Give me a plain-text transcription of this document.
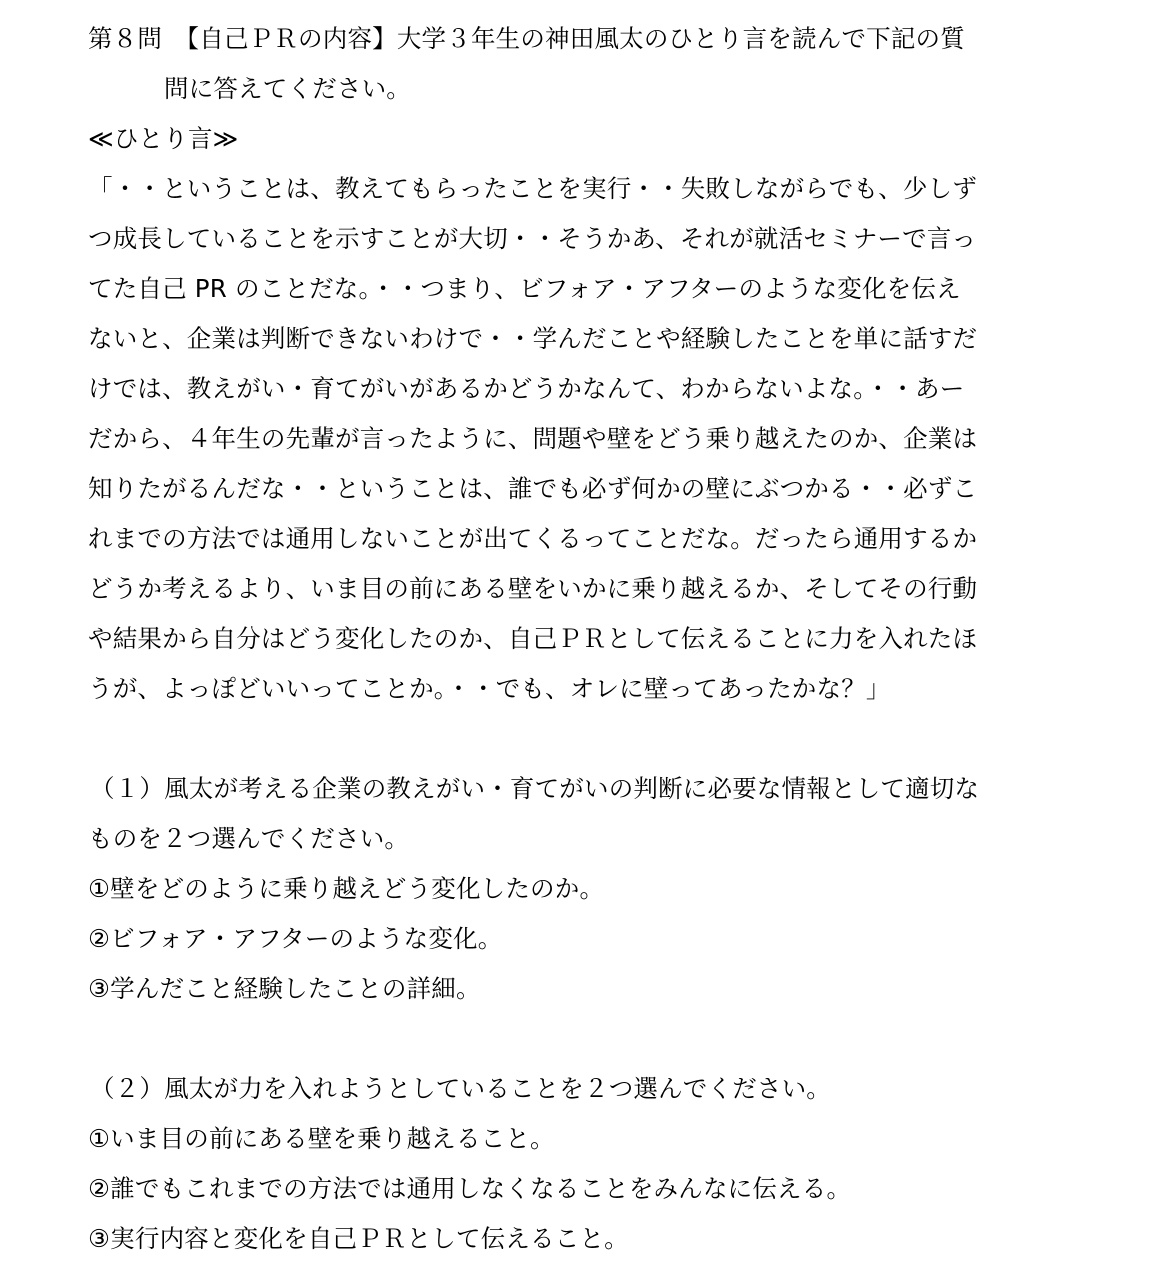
第８問　【自己ＰＲの内容】大学３年生の神田風太のひとり言を読んで下記の質
問に答えてください。
≪ひとり言≫
「・・ということは、教えてもらったことを実行・・失敗しながらでも、少しず
つ成長していることを示すことが大切・・そうかあ、それが就活セミナーで言っ
てた自己 PR のことだな。・・つまり、ビフォア・アフターのような変化を伝え
ないと、企業は判断できないわけで・・学んだことや経験したことを単に話すだ
けでは、教えがい・育てがいがあるかどうかなんて、わからないよな。・・あー
だから、４年生の先輩が言ったように、問題や壁をどう乗り越えたのか、企業は
知りたがるんだな・・ということは、誰でも必ず何かの壁にぶつかる・・必ずこ
れまでの方法では通用しないことが出てくるってことだな。だったら通用するか
どうか考えるより、いま目の前にある壁をいかに乗り越えるか、そしてその行動
や結果から自分はどう変化したのか、自己ＰＲとして伝えることに力を入れたほ
うが、よっぽどいいってことか。・・でも、オレに壁ってあったかな？」
（１）風太が考える企業の教えがい・育てがいの判断に必要な情報として適切な
ものを２つ選んでください。
①壁をどのように乗り越えどう変化したのか。
②ビフォア・アフターのような変化。
③学んだこと経験したことの詳細。
（２）風太が力を入れようとしていることを２つ選んでください。
①いま目の前にある壁を乗り越えること。
②誰でもこれまでの方法では通用しなくなることをみんなに伝える。
③実行内容と変化を自己ＰＲとして伝えること。
